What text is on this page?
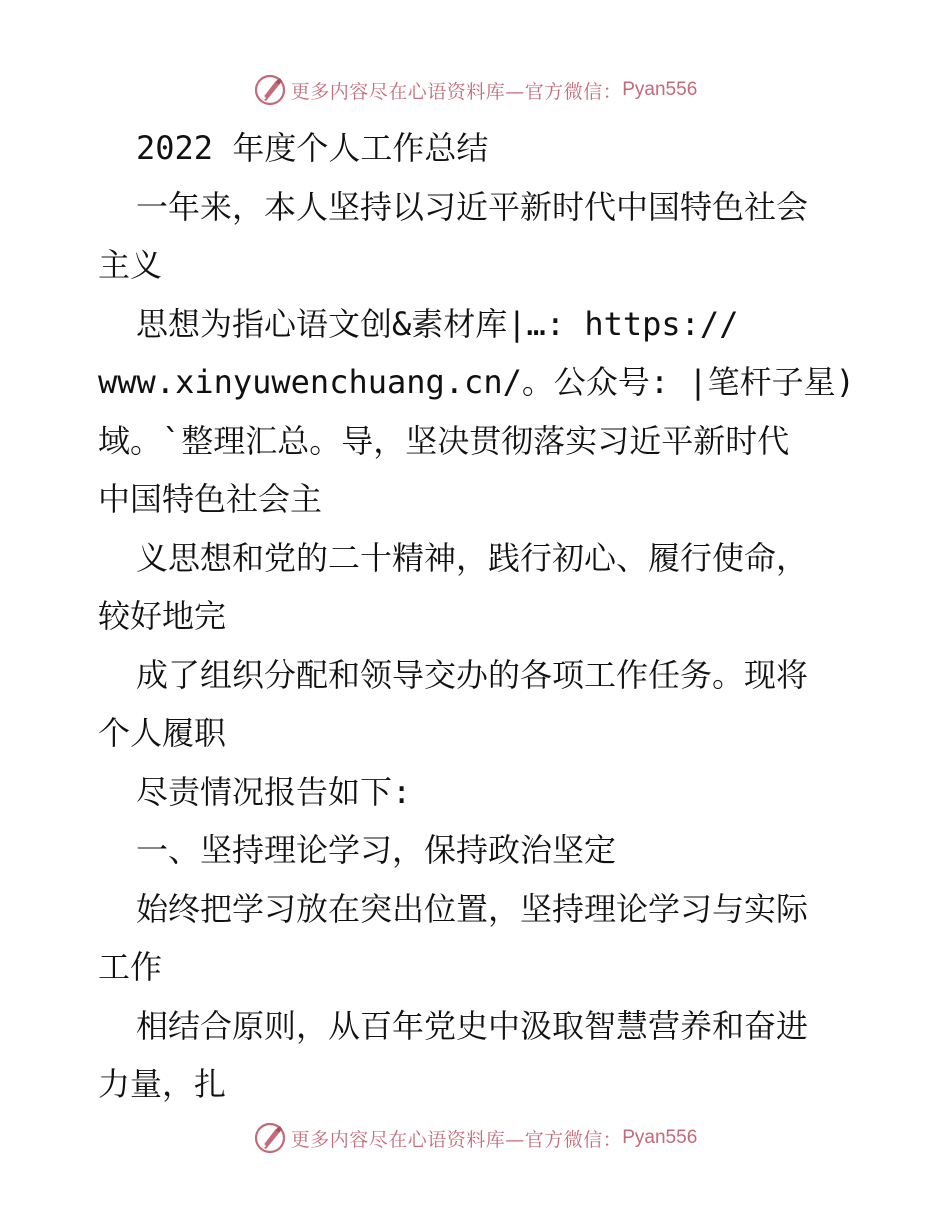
更多内容尽在心语资料库—官方微信： Pyan556
2022 年度个人工作总结
一年来，本人坚持以习近平新时代中国特色社会
主义
思想为指心语文创&素材库|…: https://
www.xinyuwenchuang.cn/。公众号: |笔杆子星)
域。`整理汇总。导，坚决贯彻落实习近平新时代
中国特色社会主
义思想和党的二十精神，践行初心、履行使命，
较好地完
成了组织分配和领导交办的各项工作任务。现将
个人履职
尽责情况报告如下:
一、坚持理论学习，保持政治坚定
始终把学习放在突出位置，坚持理论学习与实际
工作
相结合原则，从百年党史中汲取智慧营养和奋进
力量，扎
更多内容尽在心语资料库—官方微信： Pyan556
